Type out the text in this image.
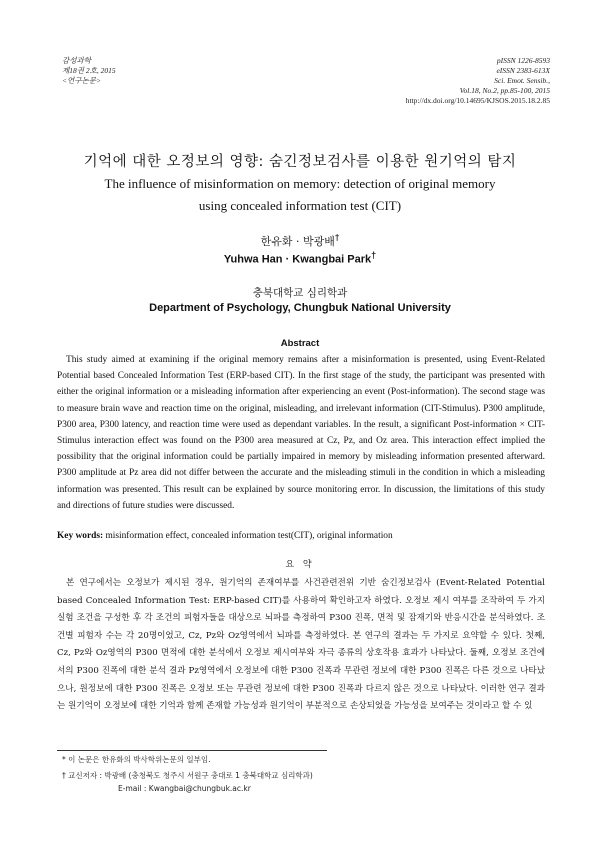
감성과학
제18권 2호, 2015
<연구논문>
pISSN 1226-8593
eISSN 2383-613X
Sci. Emot. Sensib.,
Vol.18, No.2, pp.85-100, 2015
http://dx.doi.org/10.14695/KJSOS.2015.18.2.85
기억에 대한 오정보의 영향: 숨긴정보검사를 이용한 원기억의 탐지
The influence of misinformation on memory: detection of original memory
using concealed information test (CIT)
한유화 · 박광배†
Yuhwa Han · Kwangbai Park†
충북대학교 심리학과
Department of Psychology, Chungbuk National University
Abstract
This study aimed at examining if the original memory remains after a misinformation is presented, using Event-Related Potential based Concealed Information Test (ERP-based CIT). In the first stage of the study, the participant was presented with either the original information or a misleading information after experiencing an event (Post-information). The second stage was to measure brain wave and reaction time on the original, misleading, and irrelevant information (CIT-Stimulus). P300 amplitude, P300 area, P300 latency, and reaction time were used as dependant variables. In the result, a significant Post-information × CIT-Stimulus interaction effect was found on the P300 area measured at Cz, Pz, and Oz area. This interaction effect implied the possibility that the original information could be partially impaired in memory by misleading information presented afterward. P300 amplitude at Pz area did not differ between the accurate and the misleading stimuli in the condition in which a misleading information was presented. This result can be explained by source monitoring error. In discussion, the limitations of this study and directions of future studies were discussed.
Key words: misinformation effect, concealed information test(CIT), original information
요 약
본 연구에서는 오정보가 제시된 경우, 원기억의 존재여부를 사건관련전위 기반 숨긴정보검사 (Event-Related Potential based Concealed Information Test: ERP-based CIT)를 사용하여 확인하고자 하였다. 오정보 제시 여부를 조작하여 두 가지 실험 조건을 구성한 후 각 조건의 피험자들을 대상으로 뇌파를 측정하여 P300 진폭, 면적 및 잠재기와 반응시간을 분석하였다. 조건별 피험자 수는 각 20명이었고, Cz, Pz와 Oz영역에서 뇌파를 측정하였다. 본 연구의 결과는 두 가지로 요약할 수 있다. 첫째, Cz, Pz와 Oz영역의 P300 면적에 대한 분석에서 오정보 제시여부와 자극 종류의 상호작용 효과가 나타났다. 둘째, 오정보 조건에서의 P300 진폭에 대한 분석 결과 Pz영역에서 오정보에 대한 P300 진폭과 무관련 정보에 대한 P300 진폭은 다른 것으로 나타났으나, 원정보에 대한 P300 진폭은 오정보 또는 무관련 정보에 대한 P300 진폭과 다르지 않은 것으로 나타났다. 이러한 연구 결과는 원기억이 오정보에 대한 기억과 함께 존재할 가능성과 원기억이 부분적으로 손상되었을 가능성을 보여주는 것이라고 할 수 있
* 이 논문은 한유화의 박사학위논문의 일부임.
† 교신저자 : 박광배 (충청북도 청주시 서원구 충대로 1 충북대학교 심리학과)
E-mail : Kwangbai@chungbuk.ac.kr
